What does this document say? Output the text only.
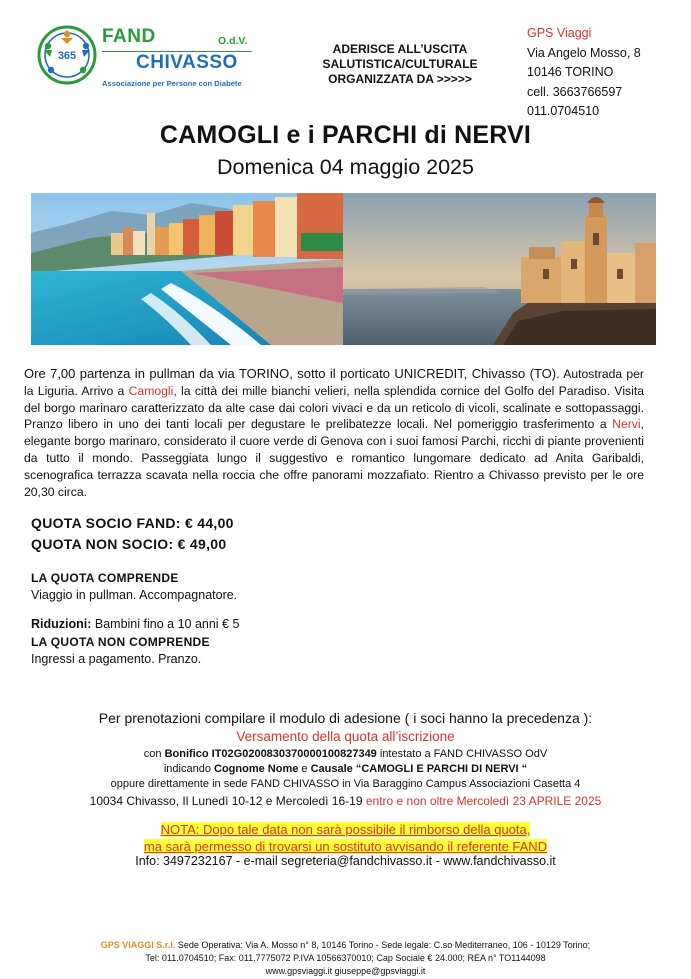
365
FAND	O.d.V.
CHIVASSO
Associazione per Persone con Diabete
ADERISCE ALL’USCITA
SALUTISTICA/CULTURALE
ORGANIZZATA DA >>>>>
GPS Viaggi
Via Angelo Mosso, 8
10146 TORINO
cell. 3663766597
011.0704510
CAMOGLI e i PARCHI di NERVI
Domenica 04 maggio 2025
Ore 7,00 partenza in pullman da via TORINO, sotto il porticato UNICREDIT, Chivasso (TO). Autostrada per la Liguria. Arrivo a Camogli, la città dei mille bianchi velieri, nella splendida cornice del Golfo del Paradiso. Visita del borgo marinaro caratterizzato da alte case dai colori vivaci e da un reticolo di vicoli, scalinate e sottopassaggi. Pranzo libero in uno dei tanti locali per degustare le prelibatezze locali. Nel pomeriggio trasferimento a Nervi, elegante borgo marinaro, considerato il cuore verde di Genova con i suoi famosi Parchi, ricchi di piante provenienti da tutto il mondo. Passeggiata lungo il suggestivo e romantico lungomare dedicato ad Anita Garibaldi, scenografica terrazza scavata nella roccia che offre panorami mozzafiato. Rientro a Chivasso previsto per le ore 20,30 circa.
QUOTA SOCIO FAND: € 44,00
QUOTA NON SOCIO: € 49,00
LA QUOTA COMPRENDE
Viaggio in pullman. Accompagnatore.
Riduzioni: Bambini fino a 10 anni € 5
LA QUOTA NON COMPRENDE
Ingressi a pagamento. Pranzo.
Per prenotazioni compilare il modulo di adesione ( i soci hanno la precedenza ):
Versamento della quota all’iscrizione
con Bonifico IT02G0200830370000100827349 intestato a FAND CHIVASSO OdV
indicando Cognome Nome e Causale “CAMOGLI E PARCHI DI NERVI “
oppure direttamente in sede FAND CHIVASSO in Via Baraggino Campus Associazioni Casetta 4
10034 Chivasso, Il Lunedì 10-12 e Mercoledì 16-19 entro e non oltre Mercoledì 23 APRILE 2025
NOTA: Dopo tale data non sarà possibile il rimborso della quota,
ma sarà permesso di trovarsi un sostituto avvisando il referente FAND
Info: 3497232167 - e-mail segreteria@fandchivasso.it - www.fandchivasso.it
GPS VIAGGI S.r.l. Sede Operativa: Via A. Mosso n° 8, 10146 Torino - Sede legale: C.so Mediterraneo, 106 - 10129 Torino;
Tel: 011.0704510; Fax: 011.7775072 P.IVA 10566370010; Cap Sociale € 24.000; REA n° TO1144098
www.gpsviaggi.it giuseppe@gpsviaggi.it
